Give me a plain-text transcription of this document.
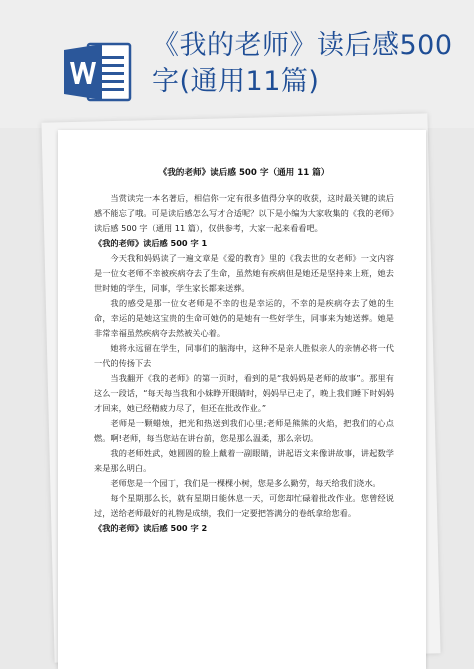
《我的老师》读后感500字(通用11篇)
《我的老师》读后感 500 字（通用 11 篇）

当赏读完一本名著后，相信你一定有很多值得分享的收获，这时最关键的读后感不能忘了哦。可是读后感怎么写才合适呢？以下是小编为大家收集的《我的老师》读后感 500 字（通用 11 篇），仅供参考，大家一起来看看吧。

《我的老师》读后感 500 字 1

今天我和妈妈读了一遍文章是《爱的教育》里的《我去世的女老师》一文内容是一位女老师不幸被疾病夺去了生命，虽然她有疾病但是她还是坚持来上班，她去世时她的学生，同事，学生家长都来送葬。

我的感受是那一位女老师是不幸的也是幸运的，不幸的是疾病夺去了她的生命，幸运的是她这宝贵的生命可她仍的是她有一些好学生，同事来为她送葬。她是非常幸福虽然疾病夺去然被关心着。

她将永远留在学生，同事们的脑海中，这种不是亲人胜似亲人的亲情必将一代一代的传扬下去

当我翻开《我的老师》的第一页时，看到的是“我妈妈是老师的故事”。那里有这么一段话，“每天每当我和小妹睁开眼睛时，妈妈早已走了，晚上我们睡下时妈妈才回来，她已经精疲力尽了，但还在批改作业。”

老师是一颗蜡烛，把光和热送到我们心里;老师是熊熊的火焰，把我们的心点燃。啊!老师，每当您站在讲台前，您是那么温柔，那么亲切。

我的老师姓武，她圆圆的脸上戴着一副眼睛，讲起语文来像讲故事，讲起数学来是那么明白。

老师您是一个园丁，我们是一棵棵小树，您是多么勤劳，每天给我们浇水。

每个星期那么长，就有星期日能休息一天，可您却忙碌着批改作业。您曾经说过，送给老师最好的礼物是成绩，我们一定要把答满分的卷纸拿给您看。

《我的老师》读后感 500 字 2
